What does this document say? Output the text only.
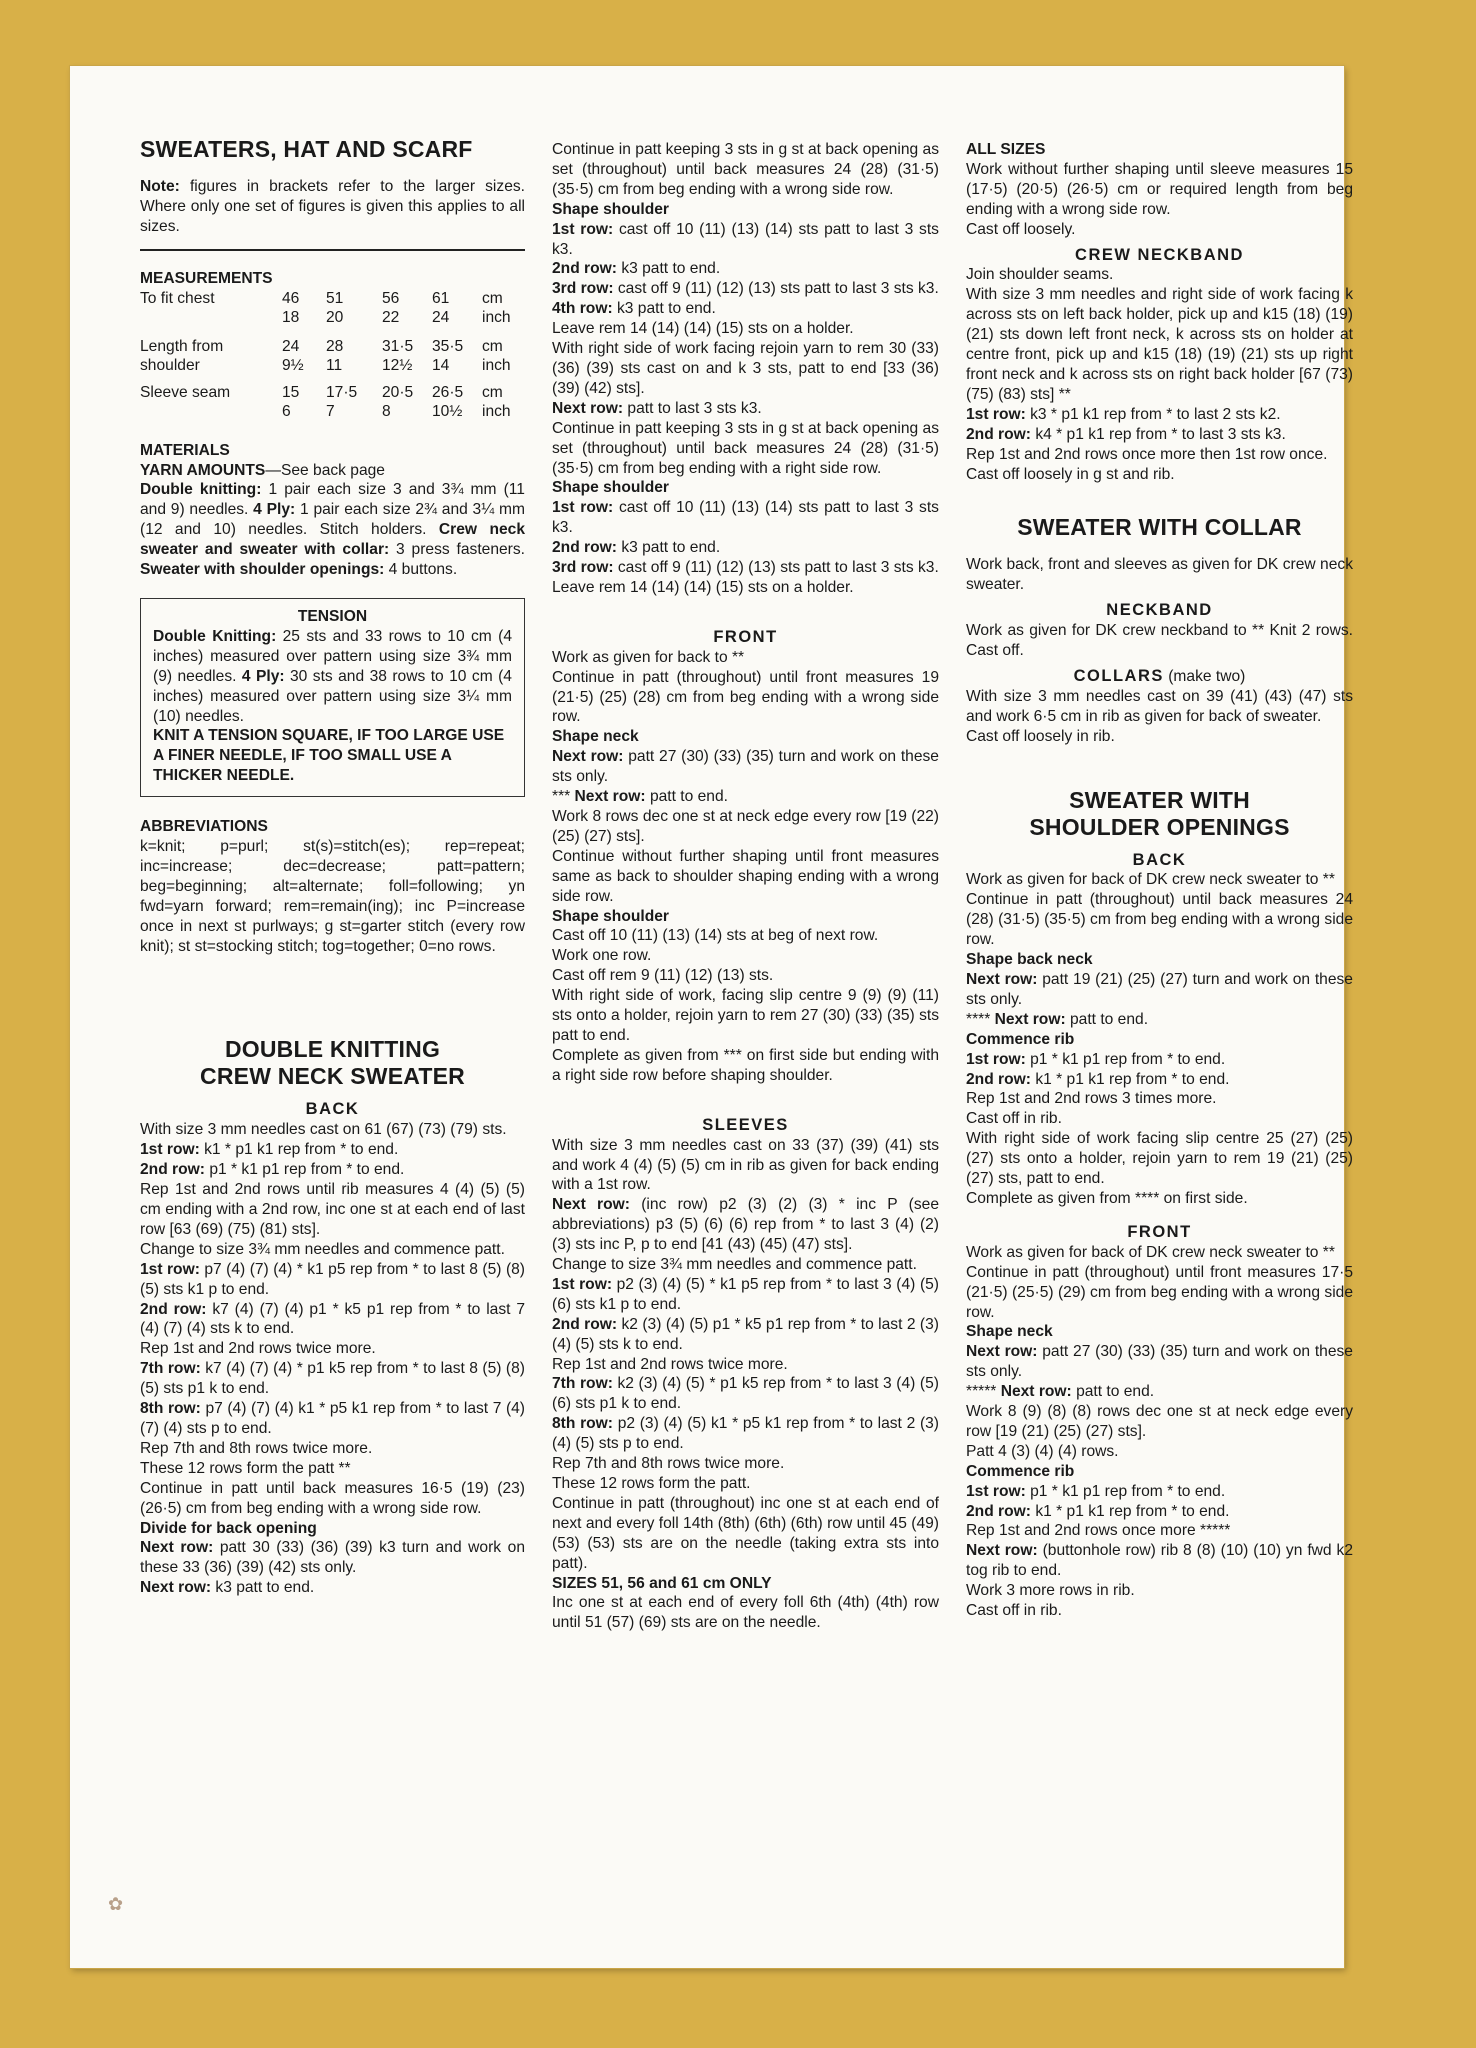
SWEATERS, HAT AND SCARF

Note: figures in brackets refer to the larger sizes. Where only one set of figures is given this applies to all sizes.

MEASUREMENTS
To fit chest	46	51	56	61	cm
	18	20	22	24	inch

Length from	24	28	31·5	35·5	cm
shoulder	9½	11	12½	14	inch

Sleeve seam	15	17·5	20·5	26·5	cm
	6	7	8	10½	inch
MATERIALS

YARN AMOUNTS—See back page
Double knitting: 1 pair each size 3 and 3¾ mm (11 and 9) needles. 4 Ply: 1 pair each size 2¾ and 3¼ mm (12 and 10) needles. Stitch holders. Crew neck sweater and sweater with collar: 3 press fasteners. Sweater with shoulder openings: 4 buttons.

TENSION

Double Knitting: 25 sts and 33 rows to 10 cm (4 inches) measured over pattern using size 3¾ mm (9) needles. 4 Ply: 30 sts and 38 rows to 10 cm (4 inches) measured over pattern using size 3¼ mm (10) needles.

KNIT A TENSION SQUARE, IF TOO LARGE USE A FINER NEEDLE, IF TOO SMALL USE A THICKER NEEDLE.

ABBREVIATIONS

k=knit; p=purl; st(s)=stitch(es); rep=repeat; inc=increase; dec=decrease; patt=pattern; beg=beginning; alt=alternate; foll=following; yn fwd=yarn forward; rem=remain(ing); inc P=increase once in next st purlways; g st=garter stitch (every row knit); st st=stocking stitch; tog=together; 0=no rows.

DOUBLE KNITTING
CREW NECK SWEATER
BACK

With size 3 mm needles cast on 61 (67) (73) (79) sts.

1st row: k1 * p1 k1 rep from * to end.

2nd row: p1 * k1 p1 rep from * to end.

Rep 1st and 2nd rows until rib measures 4 (4) (5) (5) cm ending with a 2nd row, inc one st at each end of last row [63 (69) (75) (81) sts].

Change to size 3¾ mm needles and commence patt.

1st row: p7 (4) (7) (4) * k1 p5 rep from * to last 8 (5) (8) (5) sts k1 p to end.

2nd row: k7 (4) (7) (4) p1 * k5 p1 rep from * to last 7 (4) (7) (4) sts k to end.

Rep 1st and 2nd rows twice more.

7th row: k7 (4) (7) (4) * p1 k5 rep from * to last 8 (5) (8) (5) sts p1 k to end.

8th row: p7 (4) (7) (4) k1 * p5 k1 rep from * to last 7 (4) (7) (4) sts p to end.

Rep 7th and 8th rows twice more.

These 12 rows form the patt **

Continue in patt until back measures 16·5 (19) (23) (26·5) cm from beg ending with a wrong side row.

Divide for back opening

Next row: patt 30 (33) (36) (39) k3 turn and work on these 33 (36) (39) (42) sts only.

Next row: k3 patt to end.

Continue in patt keeping 3 sts in g st at back opening as set (throughout) until back measures 24 (28) (31·5) (35·5) cm from beg ending with a wrong side row.

Shape shoulder

1st row: cast off 10 (11) (13) (14) sts patt to last 3 sts k3.

2nd row: k3 patt to end.

3rd row: cast off 9 (11) (12) (13) sts patt to last 3 sts k3.

4th row: k3 patt to end.

Leave rem 14 (14) (14) (15) sts on a holder.

With right side of work facing rejoin yarn to rem 30 (33) (36) (39) sts cast on and k 3 sts, patt to end [33 (36) (39) (42) sts].

Next row: patt to last 3 sts k3.

Continue in patt keeping 3 sts in g st at back opening as set (throughout) until back measures 24 (28) (31·5) (35·5) cm from beg ending with a right side row.

Shape shoulder

1st row: cast off 10 (11) (13) (14) sts patt to last 3 sts k3.

2nd row: k3 patt to end.

3rd row: cast off 9 (11) (12) (13) sts patt to last 3 sts k3.

Leave rem 14 (14) (14) (15) sts on a holder.

FRONT

Work as given for back to **

Continue in patt (throughout) until front measures 19 (21·5) (25) (28) cm from beg ending with a wrong side row.

Shape neck

Next row: patt 27 (30) (33) (35) turn and work on these sts only.

*** Next row: patt to end.

Work 8 rows dec one st at neck edge every row [19 (22) (25) (27) sts].

Continue without further shaping until front measures same as back to shoulder shaping ending with a wrong side row.

Shape shoulder

Cast off 10 (11) (13) (14) sts at beg of next row.

Work one row.

Cast off rem 9 (11) (12) (13) sts.

With right side of work, facing slip centre 9 (9) (9) (11) sts onto a holder, rejoin yarn to rem 27 (30) (33) (35) sts patt to end.

Complete as given from *** on first side but ending with a right side row before shaping shoulder.

SLEEVES

With size 3 mm needles cast on 33 (37) (39) (41) sts and work 4 (4) (5) (5) cm in rib as given for back ending with a 1st row.

Next row: (inc row) p2 (3) (2) (3) * inc P (see abbreviations) p3 (5) (6) (6) rep from * to last 3 (4) (2) (3) sts inc P, p to end [41 (43) (45) (47) sts].

Change to size 3¾ mm needles and commence patt.

1st row: p2 (3) (4) (5) * k1 p5 rep from * to last 3 (4) (5) (6) sts k1 p to end.

2nd row: k2 (3) (4) (5) p1 * k5 p1 rep from * to last 2 (3) (4) (5) sts k to end.

Rep 1st and 2nd rows twice more.

7th row: k2 (3) (4) (5) * p1 k5 rep from * to last 3 (4) (5) (6) sts p1 k to end.

8th row: p2 (3) (4) (5) k1 * p5 k1 rep from * to last 2 (3) (4) (5) sts p to end.

Rep 7th and 8th rows twice more.

These 12 rows form the patt.

Continue in patt (throughout) inc one st at each end of next and every foll 14th (8th) (6th) (6th) row until 45 (49) (53) (53) sts are on the needle (taking extra sts into patt).

SIZES 51, 56 and 61 cm ONLY

Inc one st at each end of every foll 6th (4th) (4th) row until 51 (57) (69) sts are on the needle.

ALL SIZES

Work without further shaping until sleeve measures 15 (17·5) (20·5) (26·5) cm or required length from beg ending with a wrong side row.

Cast off loosely.

CREW NECKBAND

Join shoulder seams.

With size 3 mm needles and right side of work facing k across sts on left back holder, pick up and k15 (18) (19) (21) sts down left front neck, k across sts on holder at centre front, pick up and k15 (18) (19) (21) sts up right front neck and k across sts on right back holder [67 (73) (75) (83) sts] **

1st row: k3 * p1 k1 rep from * to last 2 sts k2.

2nd row: k4 * p1 k1 rep from * to last 3 sts k3.

Rep 1st and 2nd rows once more then 1st row once.

Cast off loosely in g st and rib.

SWEATER WITH COLLAR

Work back, front and sleeves as given for DK crew neck sweater.

NECKBAND

Work as given for DK crew neckband to ** Knit 2 rows. Cast off.

COLLARS (make two)

With size 3 mm needles cast on 39 (41) (43) (47) sts and work 6·5 cm in rib as given for back of sweater.

Cast off loosely in rib.

SWEATER WITH
SHOULDER OPENINGS
BACK

Work as given for back of DK crew neck sweater to **

Continue in patt (throughout) until back measures 24 (28) (31·5) (35·5) cm from beg ending with a wrong side row.

Shape back neck

Next row: patt 19 (21) (25) (27) turn and work on these sts only.

**** Next row: patt to end.

Commence rib

1st row: p1 * k1 p1 rep from * to end.

2nd row: k1 * p1 k1 rep from * to end.

Rep 1st and 2nd rows 3 times more.

Cast off in rib.

With right side of work facing slip centre 25 (27) (25) (27) sts onto a holder, rejoin yarn to rem 19 (21) (25) (27) sts, patt to end.

Complete as given from **** on first side.

FRONT

Work as given for back of DK crew neck sweater to **

Continue in patt (throughout) until front measures 17·5 (21·5) (25·5) (29) cm from beg ending with a wrong side row.

Shape neck

Next row: patt 27 (30) (33) (35) turn and work on these sts only.

***** Next row: patt to end.

Work 8 (9) (8) (8) rows dec one st at neck edge every row [19 (21) (25) (27) sts].

Patt 4 (3) (4) (4) rows.

Commence rib

1st row: p1 * k1 p1 rep from * to end.

2nd row: k1 * p1 k1 rep from * to end.

Rep 1st and 2nd rows once more *****

Next row: (buttonhole row) rib 8 (8) (10) (10) yn fwd k2 tog rib to end.

Work 3 more rows in rib.

Cast off in rib.

✿
